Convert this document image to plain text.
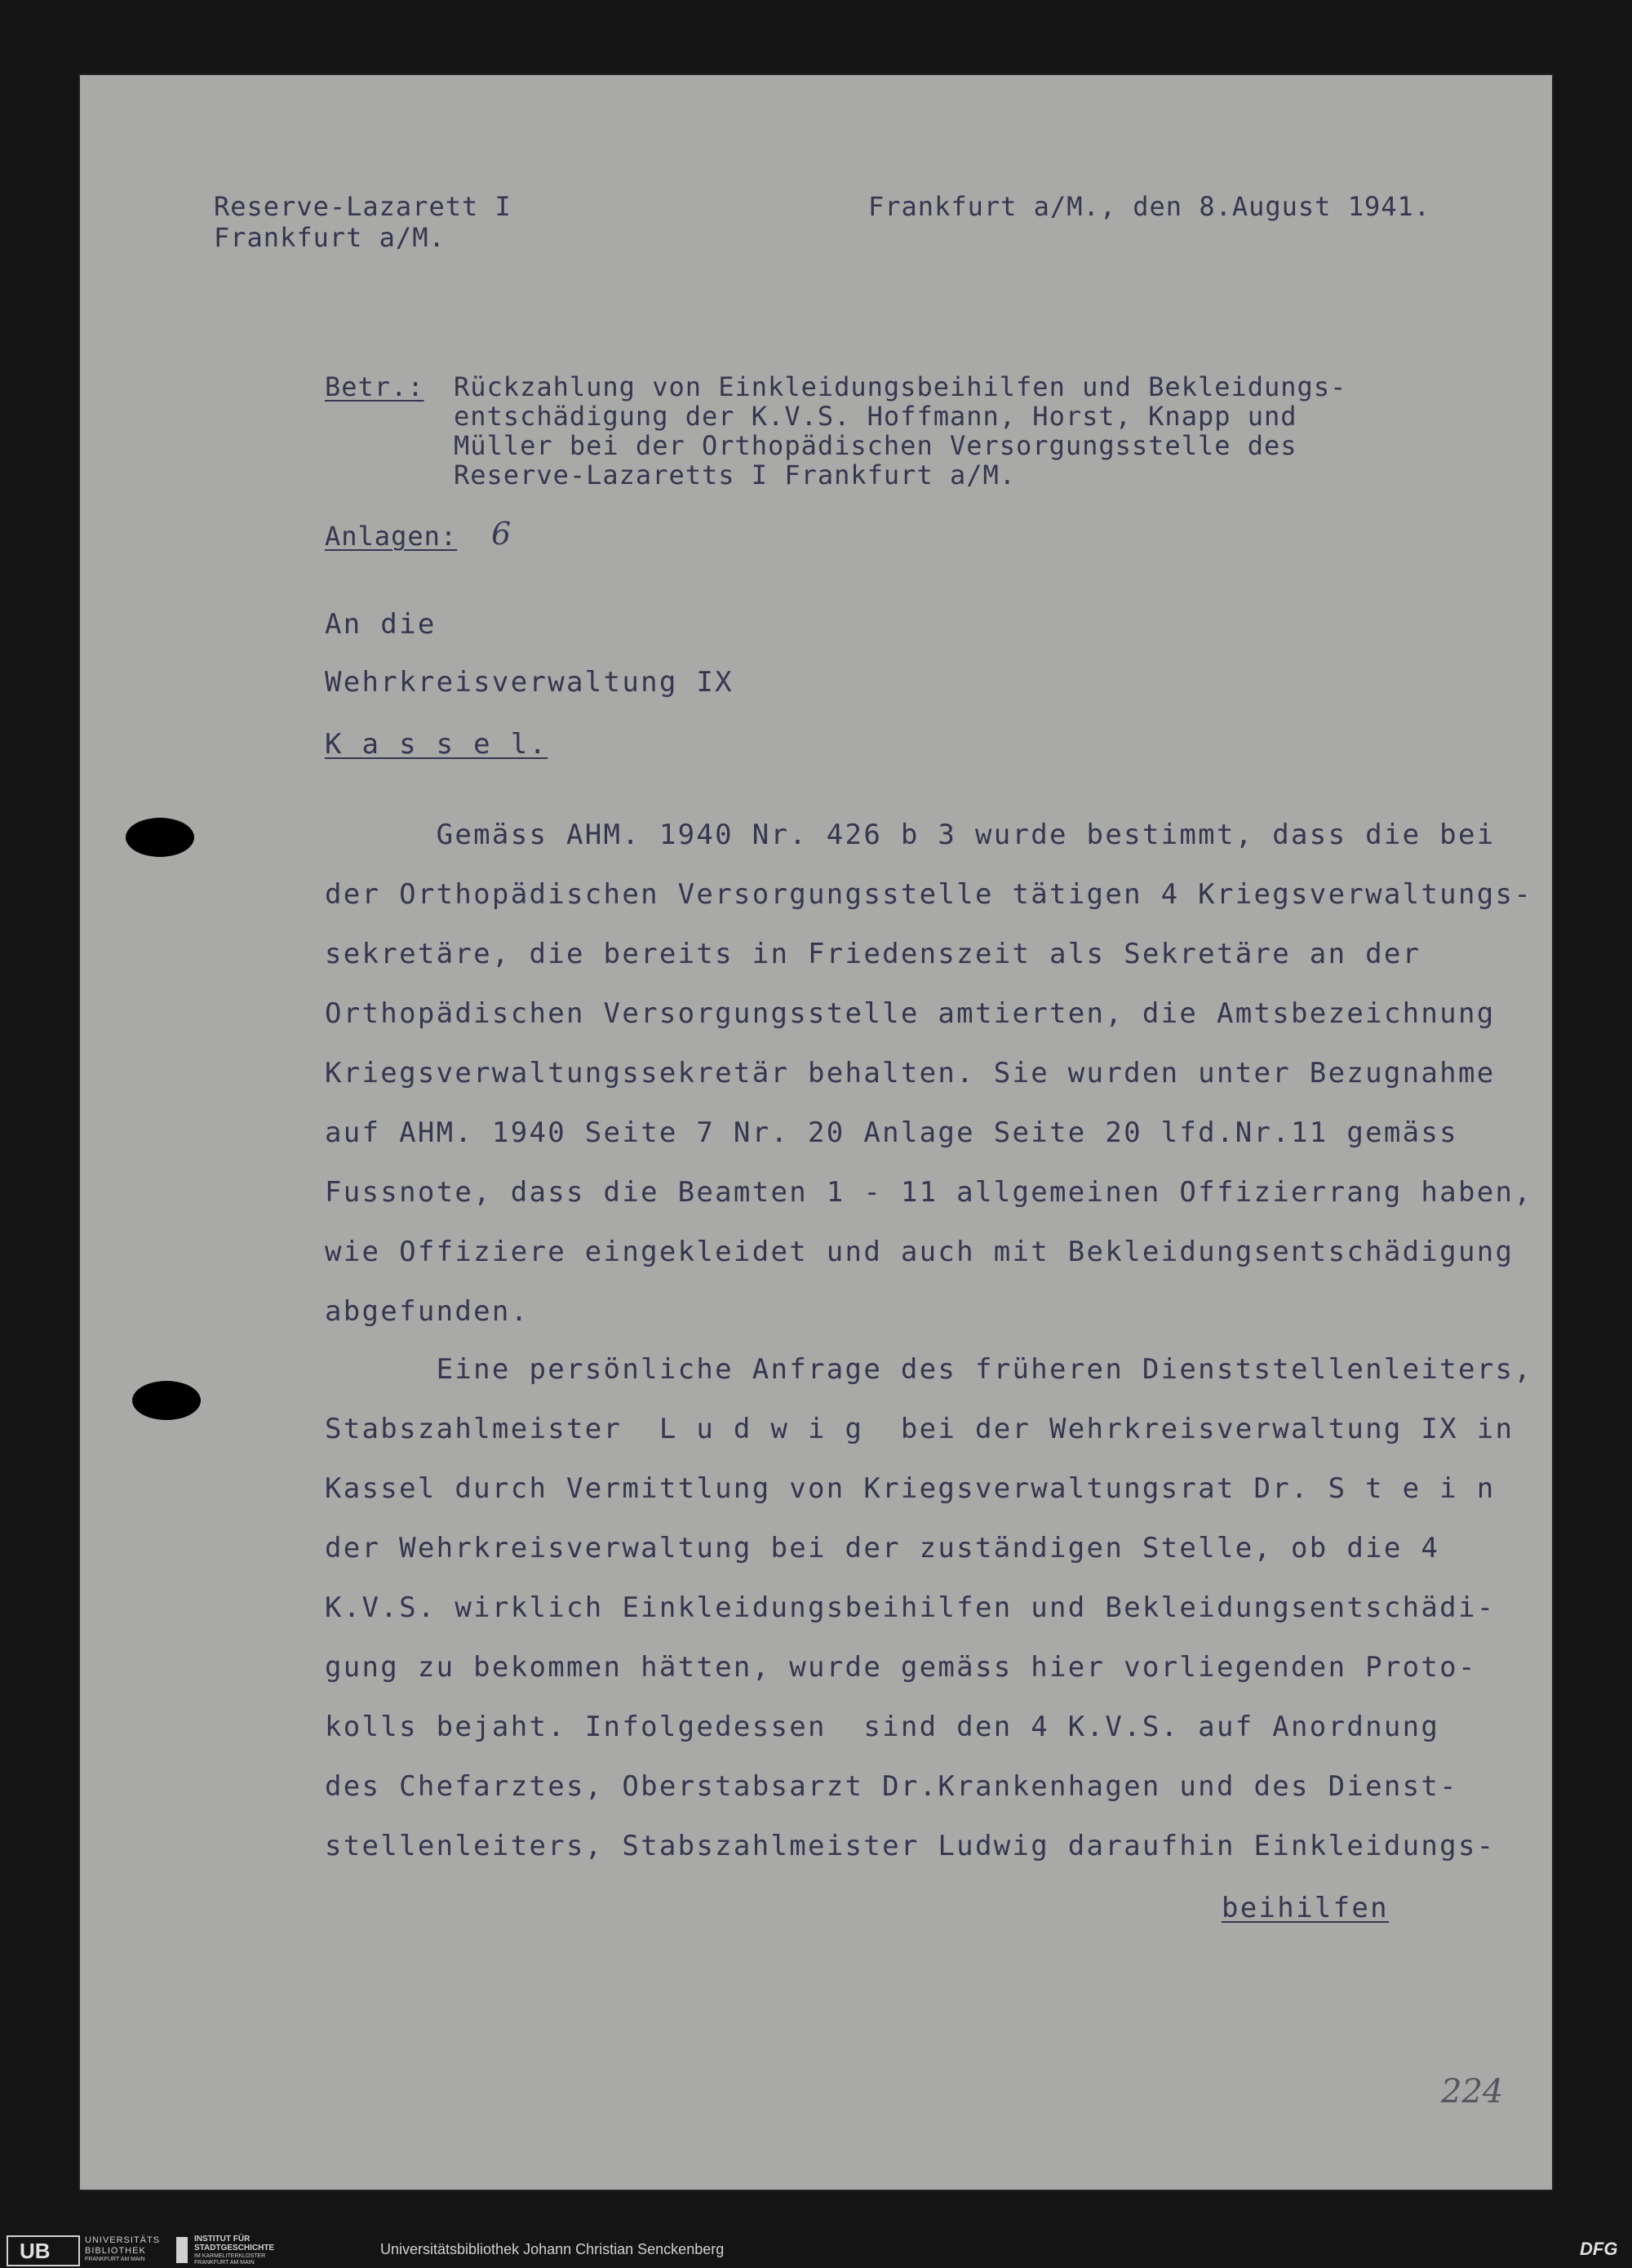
Reserve-Lazarett I
Frankfurt a/M.
Frankfurt a/M., den 8.August 1941.
Betr.: Rückzahlung von Einkleidungsbeihilfen und Bekleidungs-
entschädigung der K.V.S. Hoffmann, Horst, Knapp und
Müller bei der Orthopädischen Versorgungsstelle des
Reserve-Lazaretts I Frankfurt a/M.
Anlagen: 6
An die
Wehrkreisverwaltung IX
K a s s e l.
Gemäss AHM. 1940 Nr. 426 b 3 wurde bestimmt, dass die bei
der Orthopädischen Versorgungsstelle tätigen 4 Kriegsverwaltungs-
sekretäre, die bereits in Friedenszeit als Sekretäre an der
Orthopädischen Versorgungsstelle amtierten, die Amtsbezeichnung
Kriegsverwaltungssekretär behalten. Sie wurden unter Bezugnahme
auf AHM. 1940 Seite 7 Nr. 20 Anlage Seite 20 lfd.Nr.11 gemäss
Fussnote, dass die Beamten 1 - 11 allgemeinen Offizierrang haben,
wie Offiziere eingekleidet und auch mit Bekleidungsentschädigung
abgefunden.
Eine persönliche Anfrage des früheren Dienststellenleiters,
Stabszahlmeister  L u d w i g  bei der Wehrkreisverwaltung IX in
Kassel durch Vermittlung von Kriegsverwaltungsrat Dr. S t e i n
der Wehrkreisverwaltung bei der zuständigen Stelle, ob die 4
K.V.S. wirklich Einkleidungsbeihilfen und Bekleidungsentschädi-
gung zu bekommen hätten, wurde gemäss hier vorliegenden Proto-
kolls bejaht. Infolgedessen  sind den 4 K.V.S. auf Anordnung
des Chefarztes, Oberstabsarzt Dr.Krankenhagen und des Dienst-
stellenleiters, Stabszahlmeister Ludwig daraufhin Einkleidungs-
beihilfen
224
UB	UNIVERSITÄTS
BIBLIOTHEK
FRANKFURT AM MAIN
INSTITUT FÜR
STADTGESCHICHTE
IM KARMELITERKLOSTER
FRANKFURT AM MAIN
Universitätsbibliothek Johann Christian Senckenberg	DFG
